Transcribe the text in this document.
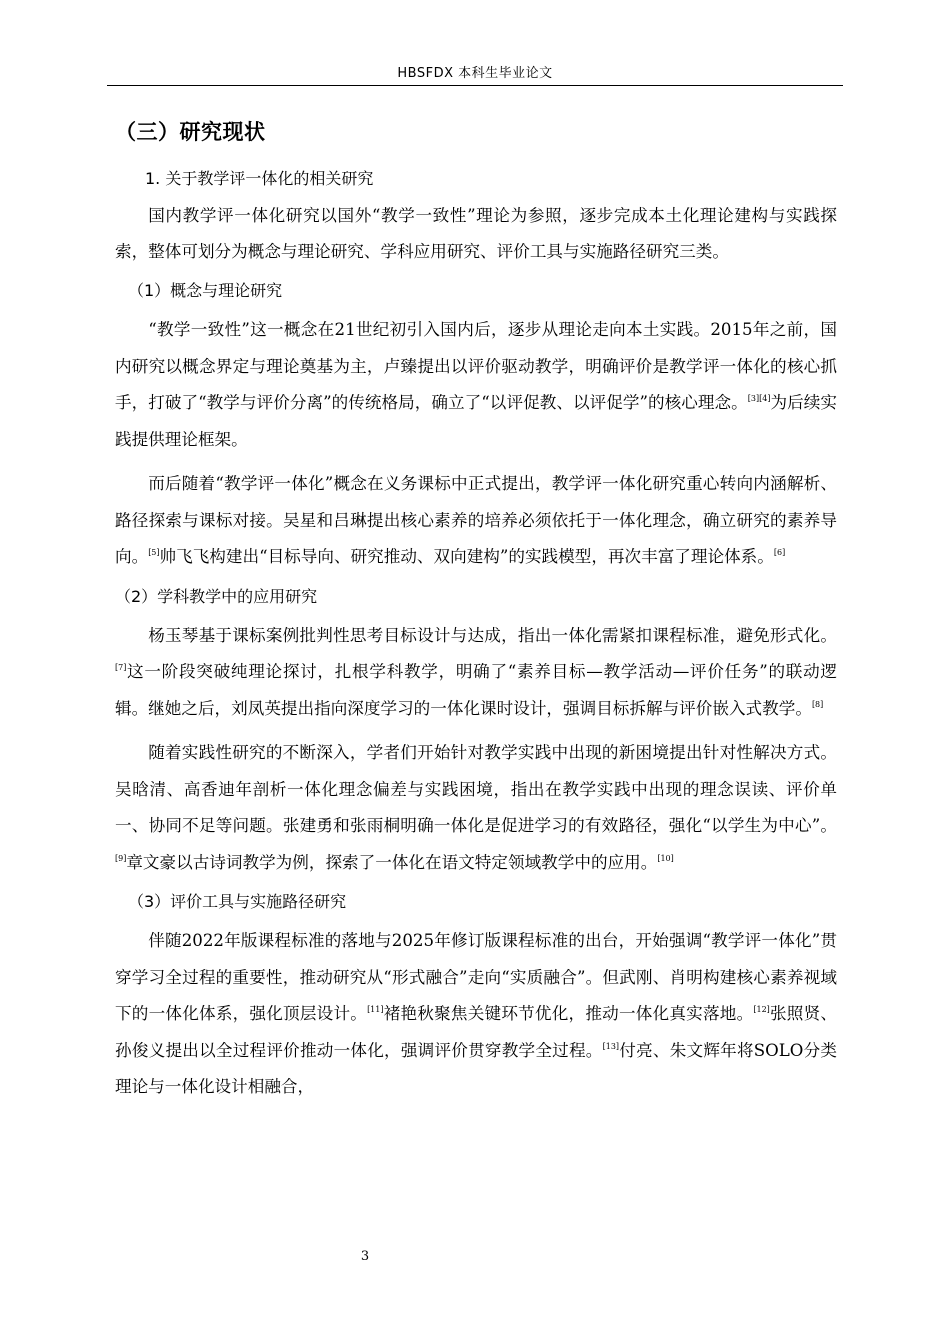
HBSFDX 本科生毕业论文
（三）研究现状
1. 关于教学评一体化的相关研究

国内教学评一体化研究以国外“教学一致性”理论为参照，逐步完成本土化理论建构与实践探索，整体可划分为概念与理论研究、学科应用研究、评价工具与实施路径研究三类。

（1）概念与理论研究

“教学一致性”这一概念在21世纪初引入国内后，逐步从理论走向本土实践。2015年之前，国内研究以概念界定与理论奠基为主，卢臻提出以评价驱动教学，明确评价是教学评一体化的核心抓手，打破了“教学与评价分离”的传统格局，确立了“以评促教、以评促学”的核心理念。[3][4]为后续实践提供理论框架。

而后随着“教学评一体化”概念在义务课标中正式提出，教学评一体化研究重心转向内涵解析、路径探索与课标对接。吴星和吕琳提出核心素养的培养必须依托于一体化理念，确立研究的素养导向。[5]帅飞飞构建出“目标导向、研究推动、双向建构”的实践模型，再次丰富了理论体系。[6]

（2）学科教学中的应用研究

杨玉琴基于课标案例批判性思考目标设计与达成，指出一体化需紧扣课程标准，避免形式化。[7]这一阶段突破纯理论探讨，扎根学科教学，明确了“素养目标—教学活动—评价任务”的联动逻辑。继她之后，刘凤英提出指向深度学习的一体化课时设计，强调目标拆解与评价嵌入式教学。[8]

随着实践性研究的不断深入，学者们开始针对教学实践中出现的新困境提出针对性解决方式。吴晗清、高香迪年剖析一体化理念偏差与实践困境，指出在教学实践中出现的理念误读、评价单一、协同不足等问题。张建勇和张雨桐明确一体化是促进学习的有效路径，强化“以学生为中心”。[9]章文豪以古诗词教学为例，探索了一体化在语文特定领域教学中的应用。[10]

（3）评价工具与实施路径研究

伴随2022年版课程标准的落地与2025年修订版课程标准的出台，开始强调“教学评一体化”贯穿学习全过程的重要性，推动研究从“形式融合”走向“实质融合”。但武刚、肖明构建核心素养视域下的一体化体系，强化顶层设计。[11]褚艳秋聚焦关键环节优化，推动一体化真实落地。[12]张照贤、孙俊义提出以全过程评价推动一体化，强调评价贯穿教学全过程。[13]付亮、朱文辉年将SOLO分类理论与一体化设计相融合，

3
